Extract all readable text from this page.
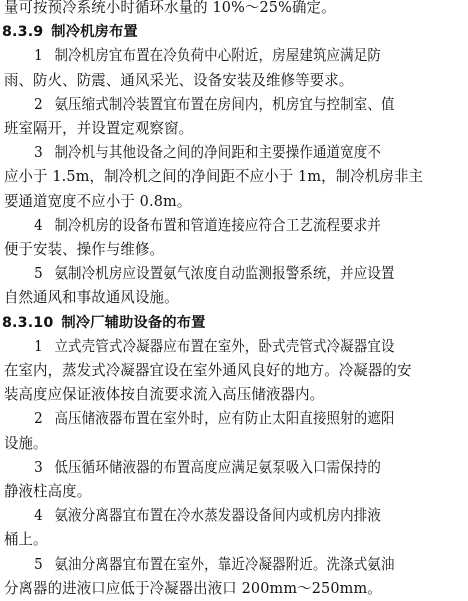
量可按预冷系统小时循环水量的 10%～25%确定。
8.3.9 制冷机房布置
1 制冷机房宜布置在冷负荷中心附近，房屋建筑应满足防
雨、防火、防震、通风采光、设备安装及维修等要求。
2 氨压缩式制冷装置宜布置在房间内，机房宜与控制室、值
班室隔开，并设置定观察窗。
3 制冷机与其他设备之间的净间距和主要操作通道宽度不
应小于 1.5m，制冷机之间的净间距不应小于 1m，制冷机房非主
要通道宽度不应小于 0.8m。
4 制冷机房的设备布置和管道连接应符合工艺流程要求并
便于安装、操作与维修。
5 氨制冷机房应设置氨气浓度自动监测报警系统，并应设置
自然通风和事故通风设施。
8.3.10 制冷厂辅助设备的布置
1 立式壳管式冷凝器应布置在室外，卧式壳管式冷凝器宜设
在室内，蒸发式冷凝器宜设在室外通风良好的地方。冷凝器的安
装高度应保证液体按自流要求流入高压储液器内。
2 高压储液器布置在室外时，应有防止太阳直接照射的遮阳
设施。
3 低压循环储液器的布置高度应满足氨泵吸入口需保持的
静液柱高度。
4 氨液分离器宜布置在冷水蒸发器设备间内或机房内排液
桶上。
5 氨油分离器宜布置在室外，靠近冷凝器附近。洗涤式氨油
分离器的进液口应低于冷凝器出液口 200mm～250mm。
